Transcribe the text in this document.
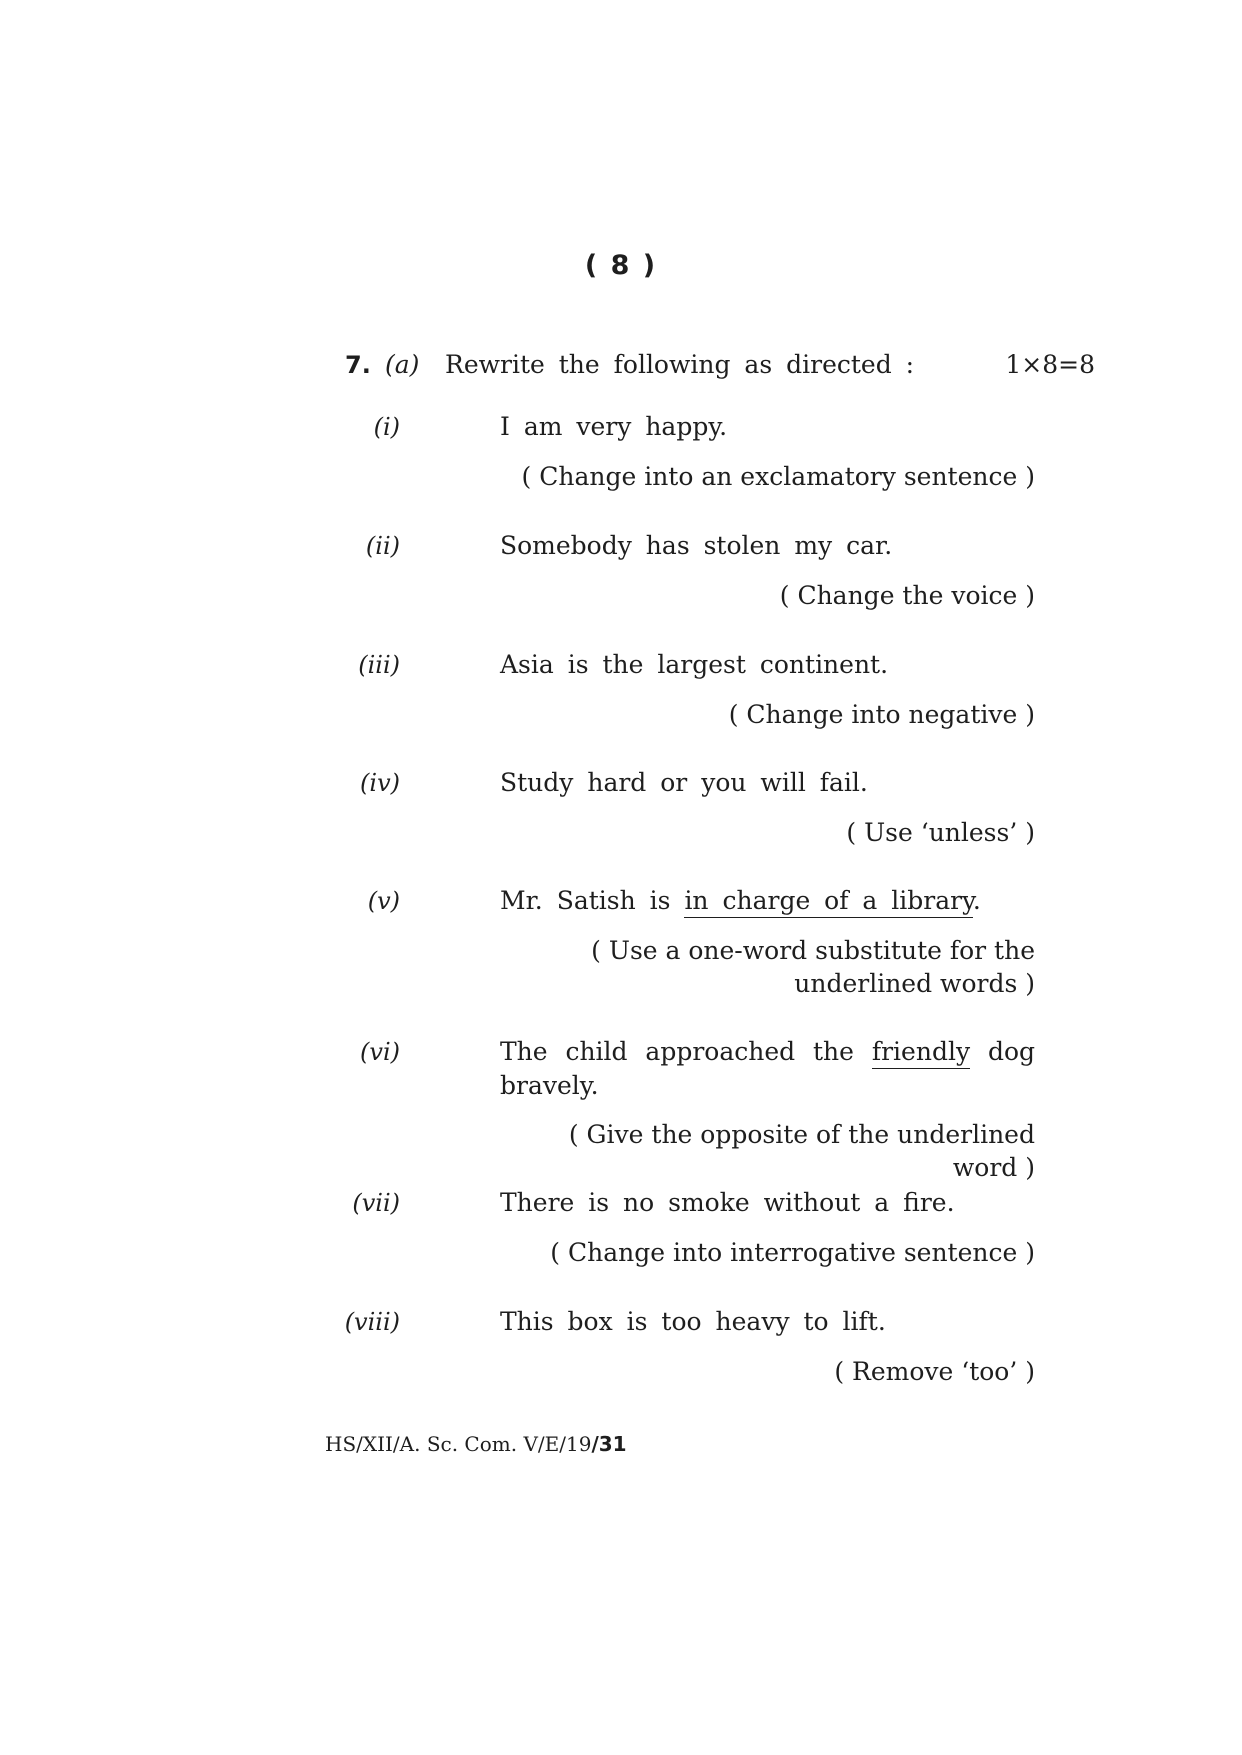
( 8 )
7. (a) Rewrite the following as directed :	1×8=8
(i)	I am very happy.
( Change into an exclamatory sentence )
(ii)	Somebody has stolen my car.
( Change the voice )
(iii)	Asia is the largest continent.
( Change into negative )
(iv)	Study hard or you will fail.
( Use ‘unless’ )
(v)	Mr. Satish is in charge of a library.
( Use a one-word substitute for the
underlined words )
(vi)	The child approached the friendly dog bravely.
( Give the opposite of the underlined word )
(vii)	There is no smoke without a fire.
( Change into interrogative sentence )
(viii)	This box is too heavy to lift.
( Remove ‘too’ )
HS/XII/A. Sc. Com. V/E/19/31
